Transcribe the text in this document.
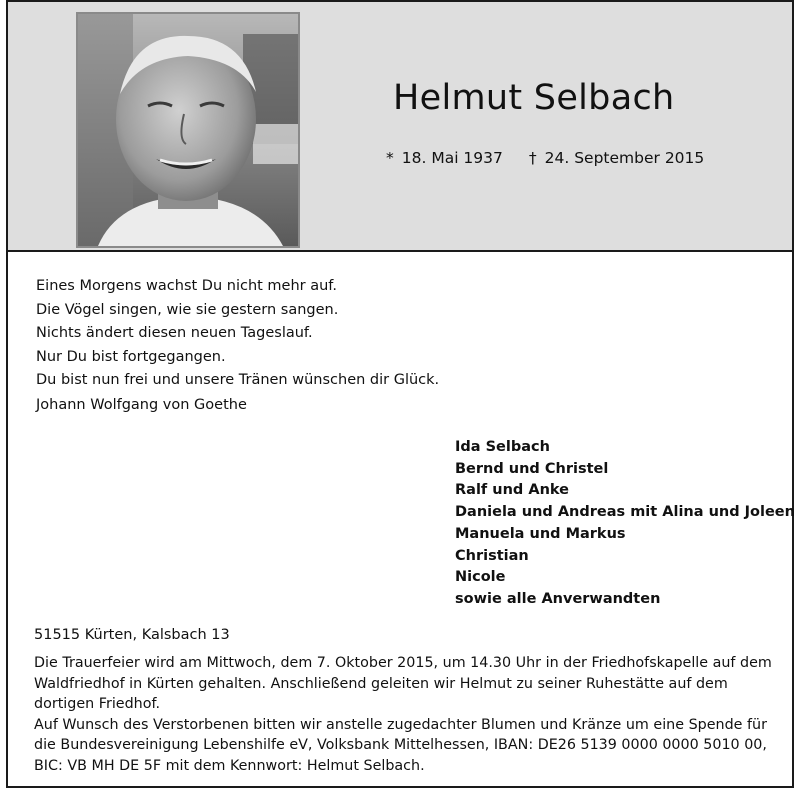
Helmut Selbach
* 18. Mai 1937 † 24. September 2015
Eines Morgens wachst Du nicht mehr auf.
Die Vögel singen, wie sie gestern sangen.
Nichts ändert diesen neuen Tageslauf.
Nur Du bist fortgegangen.
Du bist nun frei und unsere Tränen wünschen dir Glück.
Johann Wolfgang von Goethe
Ida Selbach
Bernd und Christel
Ralf und Anke
Daniela und Andreas mit Alina und Joleen
Manuela und Markus
Christian
Nicole
sowie alle Anverwandten
51515 Kürten, Kalsbach 13

Die Trauerfeier wird am Mittwoch, dem 7. Oktober 2015, um 14.30 Uhr in der Friedhofskapelle auf dem Waldfriedhof in Kürten gehalten. Anschließend geleiten wir Helmut zu seiner Ruhestätte auf dem dortigen Friedhof.

Auf Wunsch des Verstorbenen bitten wir anstelle zugedachter Blumen und Kränze um eine Spende für die Bundesvereinigung Lebenshilfe eV, Volksbank Mittelhessen, IBAN: DE26 5139 0000 0000 5010 00, BIC: VB MH DE 5F mit dem Kennwort: Helmut Selbach.
